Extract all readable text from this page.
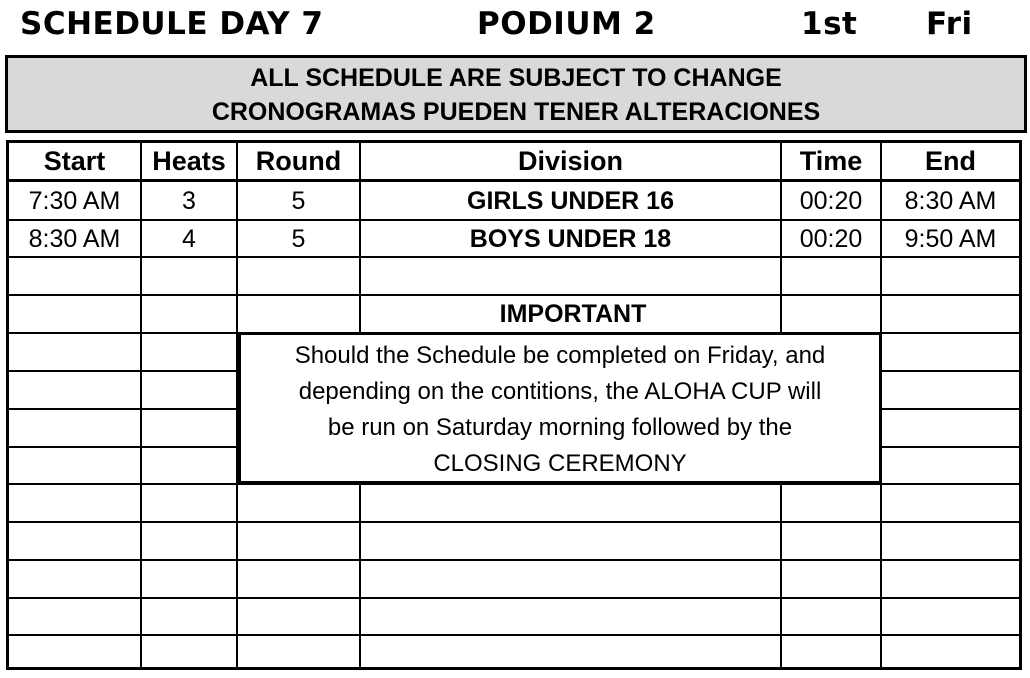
SCHEDULE DAY 7	PODIUM 2	1st Fri
ALL SCHEDULE ARE SUBJECT TO CHANGE
CRONOGRAMAS PUEDEN TENER ALTERACIONES
Start	Heats	Round	Division	Time	End
7:30 AM	3	5	GIRLS UNDER 16	00:20	8:30 AM
8:30 AM	4	5	BOYS UNDER 18	00:20	9:50 AM
IMPORTANT
Should the Schedule be completed on Friday, and
depending on the contitions, the ALOHA CUP will
be run on Saturday morning followed by the
CLOSING CEREMONY
